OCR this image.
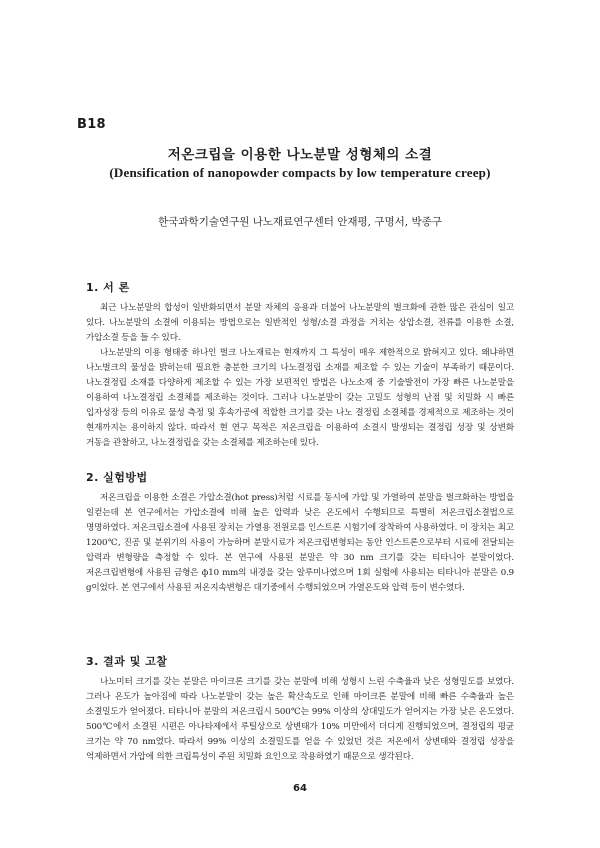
B18
저온크립을 이용한 나노분말 성형체의 소결
(Densification of nanopowder compacts by low temperature creep)
한국과학기술연구원 나노재료연구센터 안재평, 구명서, 박종구
1. 서 론

최근 나노분말의 합성이 일반화되면서 분말 자체의 응용과 더불어 나노분말의 벌크화에 관한 많은 관심이 일고 있다. 나노분말의 소결에 이용되는 방법으로는 일반적인 성형/소결 과정을 거치는 상압소결, 전류를 이용한 소결, 가압소결 등을 들 수 있다.

나노분말의 이용 형태중 하나인 벌크 나노재료는 현재까지 그 특성이 매우 제한적으로 밝혀지고 있다. 왜냐하면 나노벌크의 물성을 밝히는데 필요한 충분한 크기의 나노결정립 소재를 제조할 수 있는 기술이 부족하기 때문이다. 나노결정립 소재를 다양하게 제조할 수 있는 가장 보편적인 방법은 나노소재 중 기술발전이 가장 빠른 나노분말을 이용하여 나노결정립 소결체를 제조하는 것이다. 그러나 나노분말이 갖는 고밀도 성형의 난점 및 치밀화 시 빠른 입자성장 등의 이유로 물성 측정 및 후속가공에 적합한 크기를 갖는 나노 결정립 소결체를 경제적으로 제조하는 것이 현재까지는 용이하지 않다. 따라서 현 연구 목적은 저온크립을 이용하여 소결시 발생되는 결정립 성장 및 상변화 거동을 관찰하고, 나노결정립을 갖는 소결체를 제조하는데 있다.

2. 실험방법

저온크립을 이용한 소결은 가압소결(hot press)처럼 시료를 동시에 가압 및 가열하여 분말을 벌크화하는 방법을 일컫는데 본 연구에서는 가압소결에 비해 높은 압력과 낮은 온도에서 수행되므로 특별히 저온크립소결법으로 명명하였다. 저온크립소결에 사용된 장치는 가열용 전원로를 인스트론 시험기에 장착하여 사용하였다. 이 장치는 최고 1200℃, 진공 및 분위기의 사용이 가능하며 분말시료가 저온크립변형되는 동안 인스트론으로부터 시료에 전달되는 압력과 변형량을 측정할 수 있다. 본 연구에 사용된 분말은 약 30 nm 크기를 갖는 티타니아 분말이었다. 저온크립변형에 사용된 금형은 ф10 mm의 내경을 갖는 알루미나였으며 1회 실험에 사용되는 티타니아 분말은 0.9 g이었다. 본 연구에서 사용된 저온지속변형은 대기중에서 수행되었으며 가열온도와 압력 등이 변수였다.

3. 결과 및 고찰

나노미터 크기를 갖는 분말은 마이크론 크기를 갖는 분말에 비해 성형시 느린 수축율과 낮은 성형밀도를 보였다. 그러나 온도가 높아짐에 따라 나노분말이 갖는 높은 확산속도로 인해 마이크론 분말에 비해 빠른 수축율과 높은 소결밀도가 얻어졌다. 티타니아 분말의 저온크립시 500℃는 99% 이상의 상대밀도가 얻어지는 가장 낮은 온도였다. 500℃에서 소결된 시편은 아나타제에서 루틸상으로 상변태가 10% 미만에서 더디게 진행되었으며, 결정립의 평균 크기는 약 70 nm였다. 따라서 99% 이상의 소결밀도를 얻을 수 있었던 것은 저온에서 상변태와 결정립 성장을 억제하면서 가압에 의한 크립특성이 주된 치밀화 요인으로 작용하였기 때문으로 생각된다.

64
